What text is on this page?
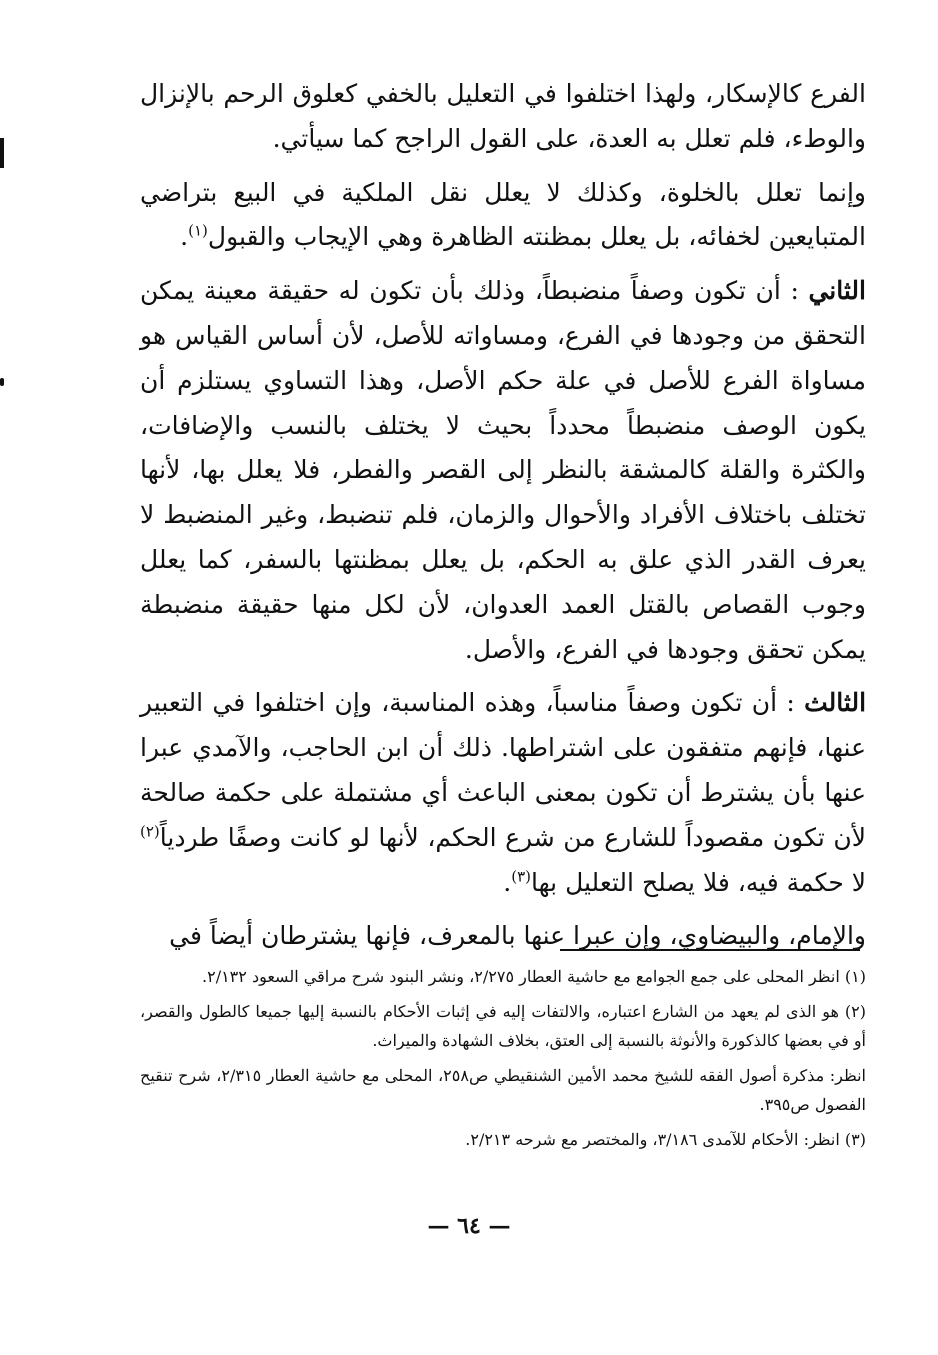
الفرع كالإسكار، ولهذا اختلفوا في التعليل بالخفي كعلوق الرحم بالإنزال والوطء، فلم تعلل به العدة، على القول الراجح كما سيأتي.

وإنما تعلل بالخلوة، وكذلك لا يعلل نقل الملكية في البيع بتراضي المتبايعين لخفائه، بل يعلل بمظنته الظاهرة وهي الإيجاب والقبول$^{(١)}$.

الثاني : أن تكون وصفاً منضبطاً، وذلك بأن تكون له حقيقة معينة يمكن التحقق من وجودها في الفرع، ومساواته للأصل، لأن أساس القياس هو مساواة الفرع للأصل في علة حكم الأصل، وهذا التساوي يستلزم أن يكون الوصف منضبطاً محدداً بحيث لا يختلف بالنسب والإضافات، والكثرة والقلة كالمشقة بالنظر إلى القصر والفطر، فلا يعلل بها، لأنها تختلف باختلاف الأفراد والأحوال والزمان، فلم تنضبط، وغير المنضبط لا يعرف القدر الذي علق به الحكم، بل يعلل بمظنتها بالسفر، كما يعلل وجوب القصاص بالقتل العمد العدوان، لأن لكل منها حقيقة منضبطة يمكن تحقق وجودها في الفرع، والأصل.

الثالث : أن تكون وصفاً مناسباً، وهذه المناسبة، وإن اختلفوا في التعبير عنها، فإنهم متفقون على اشتراطها. ذلك أن ابن الحاجب، والآمدي عبرا عنها بأن يشترط أن تكون بمعنى الباعث أي مشتملة على حكمة صالحة لأن تكون مقصوداً للشارع من شرع الحكم، لأنها لو كانت وصفًا طردياً$^{(٢)}$ لا حكمة فيه، فلا يصلح التعليل بها$^{(٣)}$.

والإمام، والبيضاوي، وإن عبرا عنها بالمعرف، فإنها يشترطان أيضاً في

(١) انظر المحلى على جمع الجوامع مع حاشية العطار ٢/٢٧٥، ونشر البنود شرح مراقي السعود ٢/١٣٢.

(٢) هو الذى لم يعهد من الشارع اعتباره، والالتفات إليه في إثبات الأحكام بالنسبة إليها جميعا كالطول والقصر، أو في بعضها كالذكورة والأنوثة بالنسبة إلى العتق، بخلاف الشهادة والميراث.

انظر: مذكرة أصول الفقه للشيخ محمد الأمين الشنقيطي ص٢٥٨، المحلى مع حاشية العطار ٢/٣١٥، شرح تنقيح الفصول ص٣٩٥.

(٣) انظر: الأحكام للآمدى ٣/١٨٦، والمختصر مع شرحه ٢/٢١٣.

— ٦٤ —
